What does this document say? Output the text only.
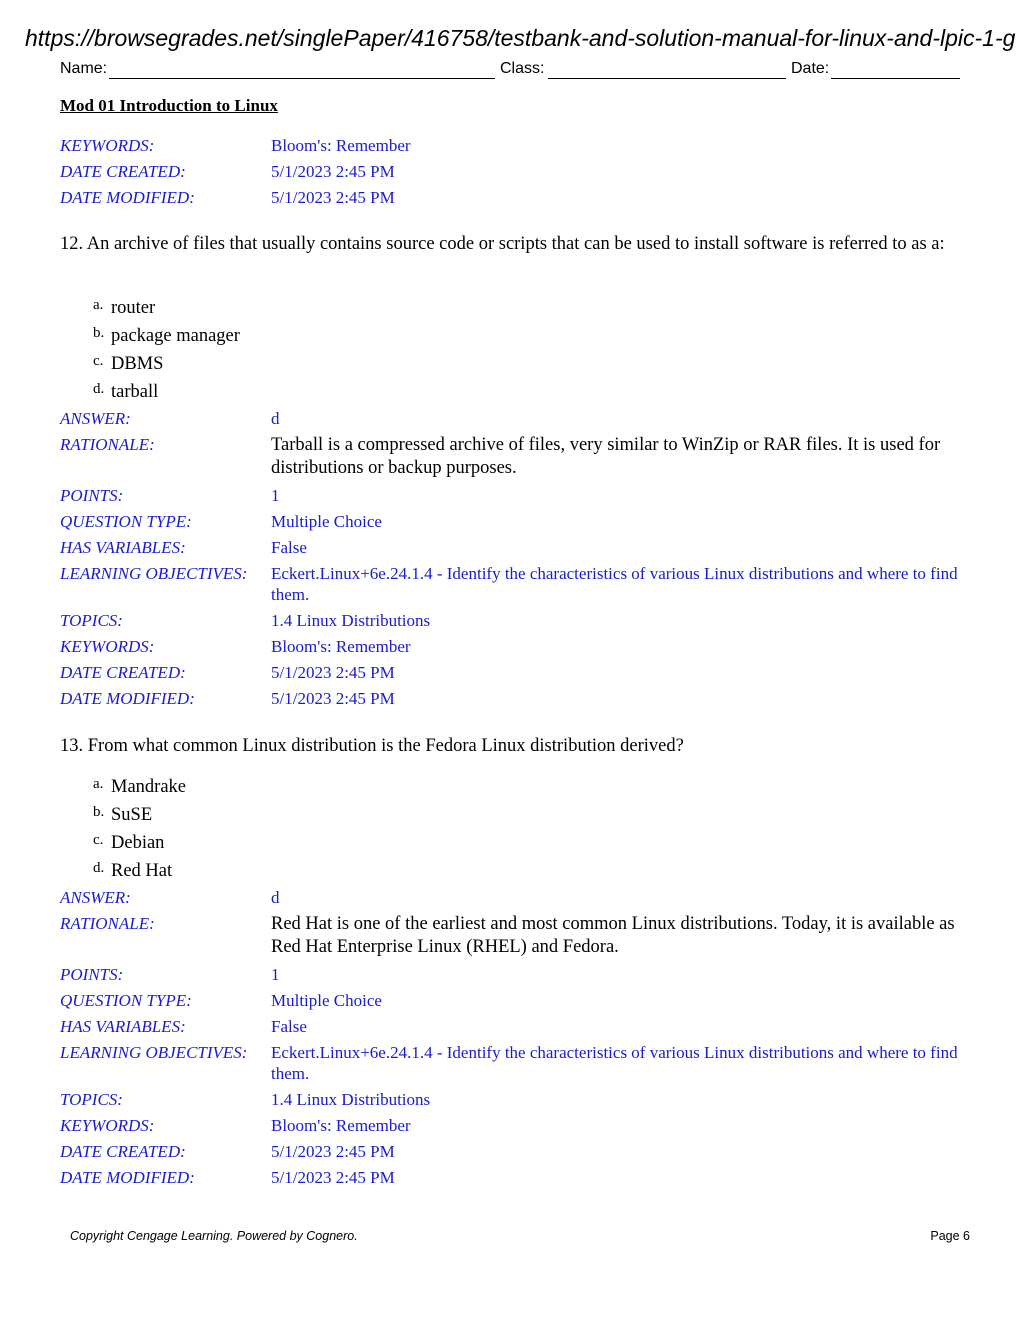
https://browsegrades.net/singlePaper/416758/testbank-and-solution-manual-for-linux-and-lpic-1-g
Name:	Class:	Date:
Mod 01 Introduction to Linux
KEYWORDS:	Bloom's: Remember
DATE CREATED:	5/1/2023 2:45 PM
DATE MODIFIED:	5/1/2023 2:45 PM
12. An archive of files that usually contains source code or scripts that can be used to install software is referred to as a:
a. router
b. package manager
c. DBMS
d. tarball
ANSWER:	d
RATIONALE:	Tarball is a compressed archive of files, very similar to WinZip or RAR files. It is used for distributions or backup purposes.
POINTS:	1
QUESTION TYPE:	Multiple Choice
HAS VARIABLES:	False
LEARNING OBJECTIVES:	Eckert.Linux+6e.24.1.4 - Identify the characteristics of various Linux distributions and where to find them.
TOPICS:	1.4 Linux Distributions
KEYWORDS:	Bloom's: Remember
DATE CREATED:	5/1/2023 2:45 PM
DATE MODIFIED:	5/1/2023 2:45 PM
13. From what common Linux distribution is the Fedora Linux distribution derived?
a. Mandrake
b. SuSE
c. Debian
d. Red Hat
ANSWER:	d
RATIONALE:	Red Hat is one of the earliest and most common Linux distributions. Today, it is available as Red Hat Enterprise Linux (RHEL) and Fedora.
POINTS:	1
QUESTION TYPE:	Multiple Choice
HAS VARIABLES:	False
LEARNING OBJECTIVES:	Eckert.Linux+6e.24.1.4 - Identify the characteristics of various Linux distributions and where to find them.
TOPICS:	1.4 Linux Distributions
KEYWORDS:	Bloom's: Remember
DATE CREATED:	5/1/2023 2:45 PM
DATE MODIFIED:	5/1/2023 2:45 PM
Copyright Cengage Learning. Powered by Cognero.	Page 6
